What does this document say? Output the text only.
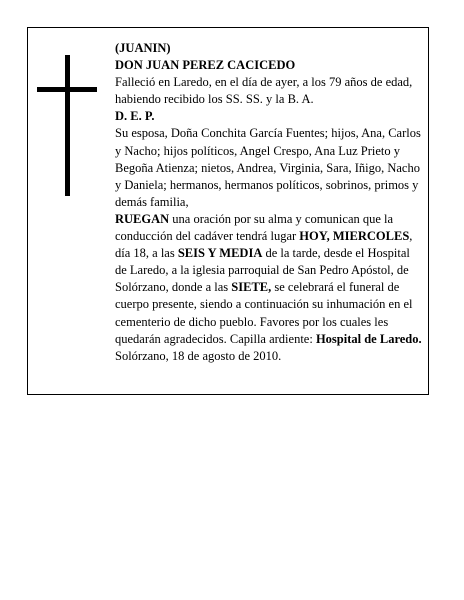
(JUANIN)

DON JUAN PEREZ CACICEDO

Falleció en Laredo, en el día de ayer, a los 79 años de edad, habiendo recibido los SS. SS. y la B. A.

D. E. P.

Su esposa, Doña Conchita García Fuentes; hijos, Ana, Carlos y Nacho; hijos políticos, Angel Crespo, Ana Luz Prieto y Begoña Atienza; nietos, Andrea, Virginia, Sara, Iñigo, Nacho y Daniela; hermanos, hermanos políticos, sobrinos, primos y demás familia,

RUEGAN una oración por su alma y comunican que la conducción del cadáver tendrá lugar HOY, MIERCOLES,  día 18, a las SEIS Y MEDIA de la tarde, desde el Hospital de Laredo, a la iglesia parroquial de San Pedro Apóstol, de Solórzano, donde a las SIETE, se celebrará el funeral de cuerpo presente, siendo a continuación su inhumación en el cementerio de dicho pueblo. Favores por los cuales les quedarán agradecidos. Capilla ardiente: Hospital de Laredo.

Solórzano, 18 de agosto de 2010.
